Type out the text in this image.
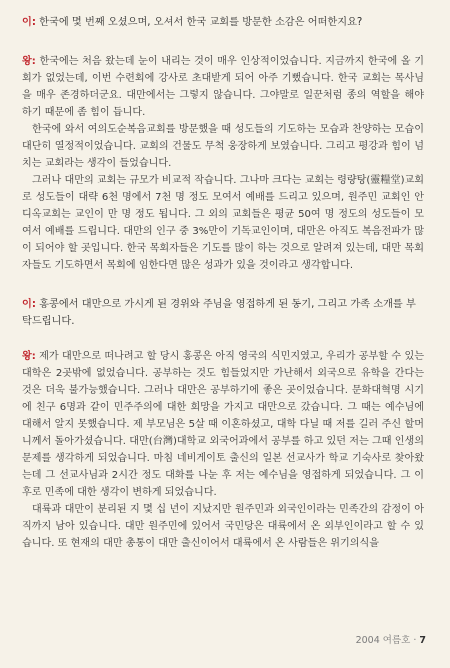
이: 한국에 몇 번째 오셨으며, 오셔서 한국 교회를 방문한 소감은 어떠한지요?

왕: 한국에는 처음 왔는데 눈이 내리는 것이 매우 인상적이었습니다. 지금까지 한국에 올 기회가 없었는데, 이번 수련회에 강사로 초대받게 되어 아주 기뻤습니다. 한국 교회는 목사님을 매우 존경하더군요. 대만에서는 그렇지 않습니다. 그야말로 일꾼처럼 종의 역할을 해야 하기 때문에 좀 힘이 듭니다.

한국에 와서 여의도순복음교회를 방문했을 때 성도들의 기도하는 모습과 찬양하는 모습이 대단히 열정적이었습니다. 교회의 건물도 무척 웅장하게 보였습니다. 그리고 평강과 힘이 넘치는 교회라는 생각이 들었습니다.

그러나 대만의 교회는 규모가 비교적 작습니다. 그나마 크다는 교회는 령량탕(靈糧堂)교회로 성도들이 대략 6천 명에서 7천 명 정도 모여서 예배를 드리고 있으며, 원주민 교회인 안디옥교회는 교인이 만 명 정도 됩니다. 그 외의 교회들은 평균 50여 명 정도의 성도들이 모여서 예배를 드립니다. 대만의 인구 중 3%만이 기독교인이며, 대만은 아직도 복음전파가 많이 되어야 할 곳입니다. 한국 목회자들은 기도를 많이 하는 것으로 알려져 있는데, 대만 목회자들도 기도하면서 목회에 임한다면 많은 성과가 있을 것이라고 생각합니다.

이: 홍콩에서 대만으로 가시게 된 경위와 주님을 영접하게 된 동기, 그리고 가족 소개를 부탁드립니다.

왕: 제가 대만으로 떠나려고 할 당시 홍콩은 아직 영국의 식민지였고, 우리가 공부할 수 있는 대학은 2곳밖에 없었습니다. 공부하는 것도 힘들었지만 가난해서 외국으로 유학을 간다는 것은 더욱 불가능했습니다. 그러나 대만은 공부하기에 좋은 곳이었습니다. 문화대혁명 시기에 친구 6명과 같이 민주주의에 대한 희망을 가지고 대만으로 갔습니다. 그 때는 예수님에 대해서 알지 못했습니다. 제 부모님은 5살 때 이혼하셨고, 대학 다닐 때 저를 길러 주신 할머니께서 돌아가셨습니다. 대만(台灣)대학교 외국어과에서 공부를 하고 있던 저는 그때 인생의 문제를 생각하게 되었습니다. 마침 네비게이토 출신의 일본 선교사가 학교 기숙사로 찾아왔는데 그 선교사님과 2시간 정도 대화를 나눈 후 저는 예수님을 영접하게 되었습니다. 그 이후로 민족에 대한 생각이 변하게 되었습니다.

대륙과 대만이 분리된 지 몇 십 년이 지났지만 원주민과 외국인이라는 민족간의 감정이 아직까지 남아 있습니다. 대만 원주민에 있어서 국민당은 대륙에서 온 외부인이라고 할 수 있습니다. 또 현재의 대만 총통이 대만 출신이어서 대륙에서 온 사람들은 위기의식을

2004 여름호 · 7
